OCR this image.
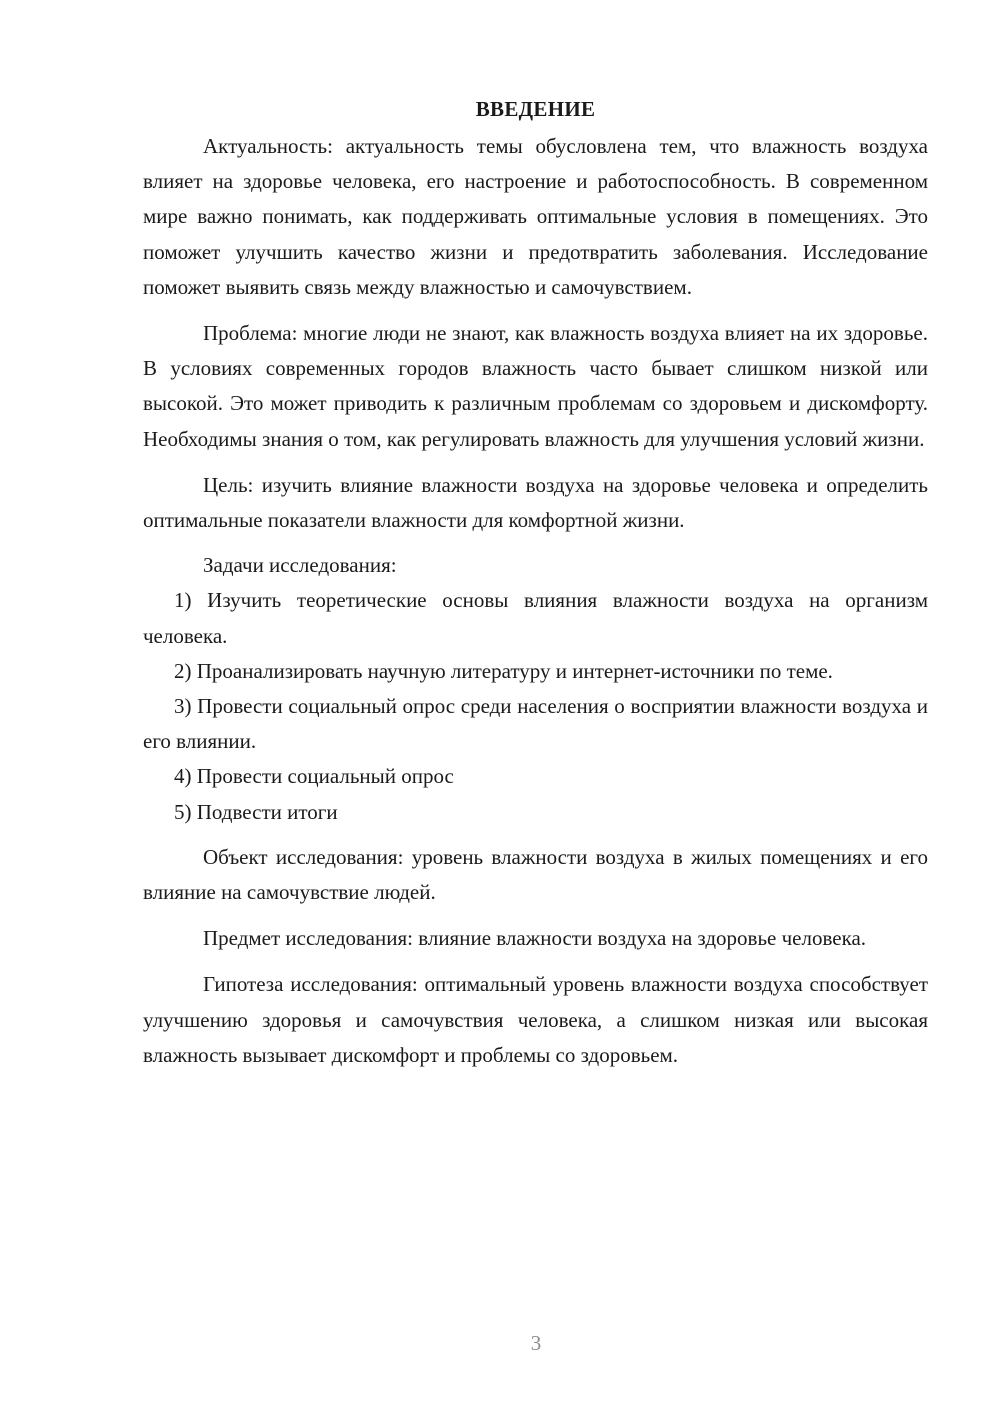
ВВЕДЕНИЕ

Актуальность: актуальность темы обусловлена тем, что влажность воздуха влияет на здоровье человека, его настроение и работоспособность. В современном мире важно понимать, как поддерживать оптимальные условия в помещениях. Это поможет улучшить качество жизни и предотвратить заболевания. Исследование поможет выявить связь между влажностью и самочувствием.

Проблема: многие люди не знают, как влажность воздуха влияет на их здоровье. В условиях современных городов влажность часто бывает слишком низкой или высокой. Это может приводить к различным проблемам со здоровьем и дискомфорту. Необходимы знания о том, как регулировать влажность для улучшения условий жизни.

Цель: изучить влияние влажности воздуха на здоровье человека и определить оптимальные показатели влажности для комфортной жизни.

Задачи исследования:

1) Изучить теоретические основы влияния влажности воздуха на организм человека.

2) Проанализировать научную литературу и интернет-источники по теме.

3) Провести социальный опрос среди населения о восприятии влажности воздуха и его влиянии.

4) Провести социальный опрос

5) Подвести итоги

Объект исследования: уровень влажности воздуха в жилых помещениях и его влияние на самочувствие людей.

Предмет исследования: влияние влажности воздуха на здоровье человека.

Гипотеза исследования: оптимальный уровень влажности воздуха способствует улучшению здоровья и самочувствия человека, а слишком низкая или высокая влажность вызывает дискомфорт и проблемы со здоровьем.

3
